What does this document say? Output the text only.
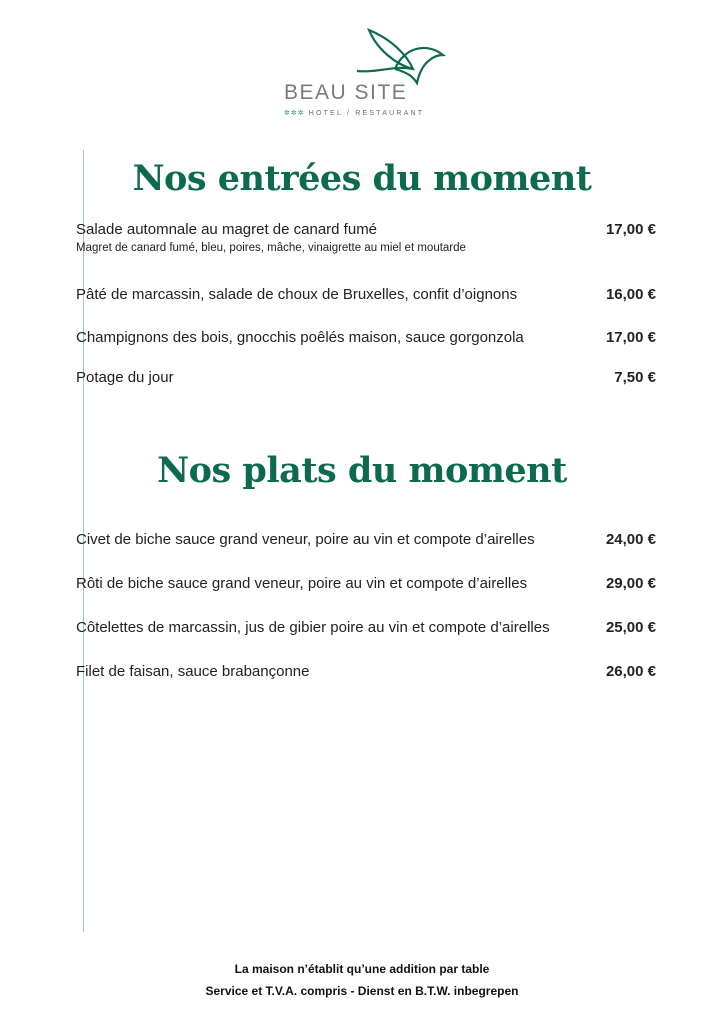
BEAU SITE
✲✲✲ HOTEL / RESTAURANT
Nos entrées du moment
Salade automnale au magret de canard fumé	17,00 €
Magret de canard fumé, bleu, poires, mâche, vinaigrette au miel et moutarde
Pâté de marcassin, salade de choux de Bruxelles, confit d’oignons	16,00 €
Champignons des bois, gnocchis poêlés maison, sauce gorgonzola	17,00 €
Potage du jour	7,50 €
Nos plats du moment
Civet de biche sauce grand veneur, poire au vin et compote d’airelles	24,00 €
Rôti de biche sauce grand veneur, poire au vin et compote d’airelles	29,00 €
Côtelettes de marcassin, jus de gibier poire au vin et compote d’airelles	25,00 €
Filet de faisan, sauce brabançonne	26,00 €
La maison n’établit qu’une addition par table
Service et T.V.A. compris - Dienst en B.T.W. inbegrepen
